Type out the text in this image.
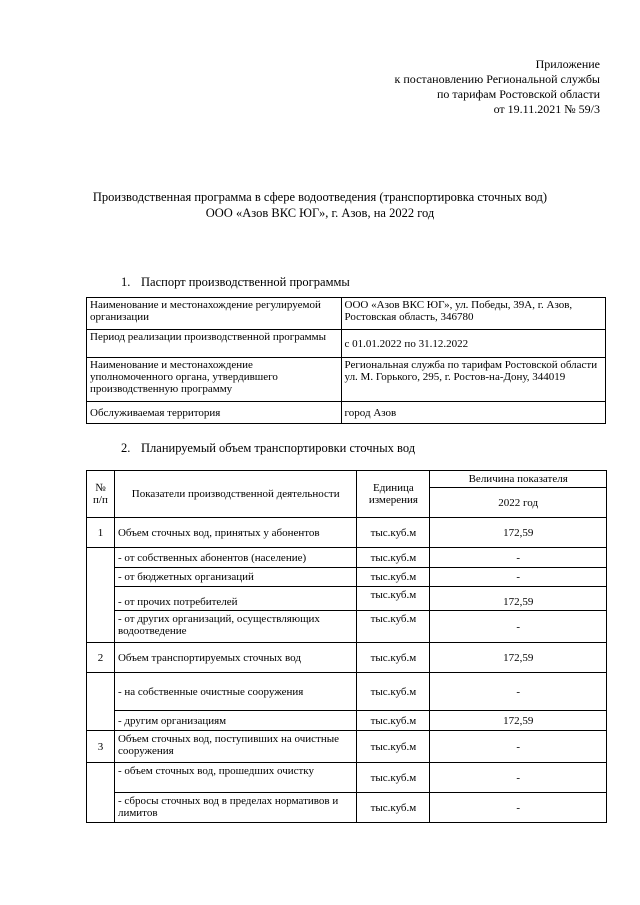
Приложение
к постановлению Региональной службы
по тарифам Ростовской области
от 19.11.2021 № 59/3
Производственная программа в сфере водоотведения (транспортировка сточных вод)
ООО «Азов ВКС ЮГ», г. Азов, на 2022 год
1. Паспорт производственной программы
Наименование и местонахождение регулируемой организации	ООО «Азов ВКС ЮГ», ул. Победы, 39А, г. Азов, Ростовская область, 346780
Период реализации производственной программы	с 01.01.2022 по 31.12.2022
Наименование и местонахождение уполномоченного органа, утвердившего производственную программу	Региональная служба по тарифам Ростовской области ул. М. Горького, 295, г. Ростов-на-Дону, 344019
Обслуживаемая территория	город Азов
2. Планируемый объем транспортировки сточных вод
№ п/п	Показатели производственной деятельности	Единица измерения	Величина показателя
			2022 год
1	Объем сточных вод, принятых у абонентов	тыс.куб.м	172,59
	- от собственных абонентов (население)	тыс.куб.м	-
	- от бюджетных организаций	тыс.куб.м	-
	- от прочих потребителей	тыс.куб.м	172,59
	- от других организаций, осуществляющих водоотведение	тыс.куб.м	-
2	Объем транспортируемых сточных вод	тыс.куб.м	172,59
	- на собственные очистные сооружения	тыс.куб.м	-
	- другим организациям	тыс.куб.м	172,59
3	Объем сточных вод, поступивших на очистные сооружения	тыс.куб.м	-
	- объем сточных вод, прошедших очистку	тыс.куб.м	-
	- сбросы сточных вод в пределах нормативов и лимитов	тыс.куб.м	-
